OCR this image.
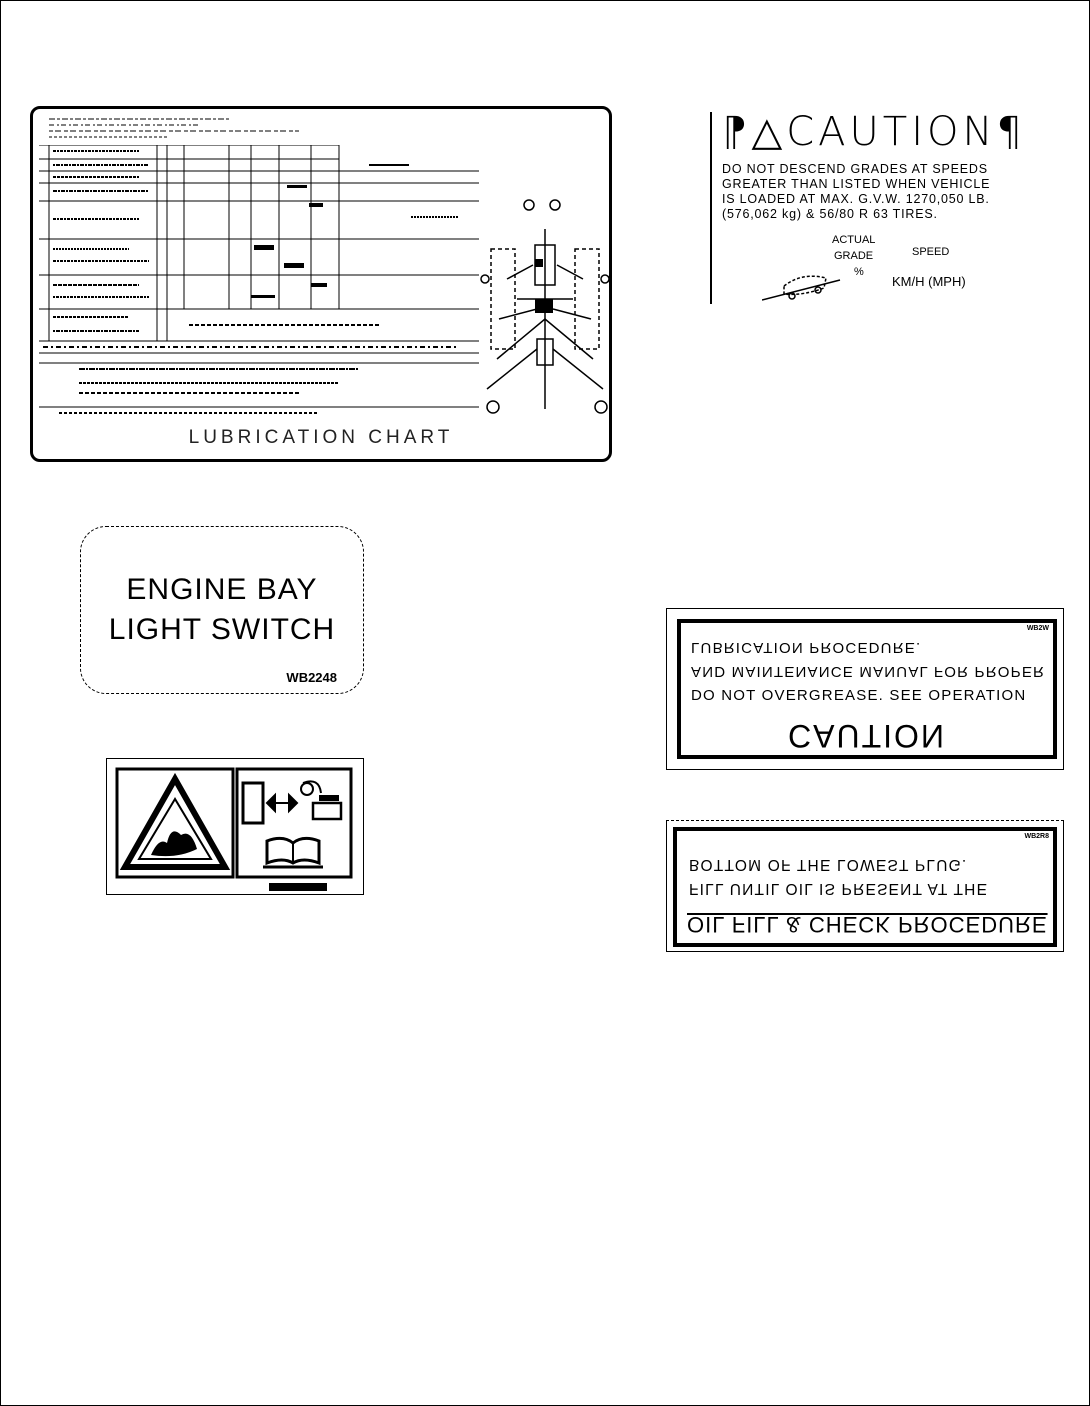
LUBRICATION CHART
⁋△CAUTION¶
DO NOT DESCEND GRADES AT SPEEDS
GREATER THAN LISTED WHEN VEHICLE
IS LOADED AT MAX. G.V.W. 1270,050 LB.
(576,062 kg) & 56/80 R 63 TIRES.
ACTUAL
GRADE
%
SPEED
KM/H (MPH)
ENGINE BAY
LIGHT SWITCH
WB2248
WB2W
LUBRICATION PROCEDURE.
AND MAINTENANCE MANUAL FOR PROPER
DO NOT OVERGREASE. SEE OPERATION
CAUTION
WB2R8
BOTTOM OF THE LOWEST PLUG.
FILL UNTIL OIL IS PRESENT AT THE
OIL FILL & CHECK PROCEDURE
